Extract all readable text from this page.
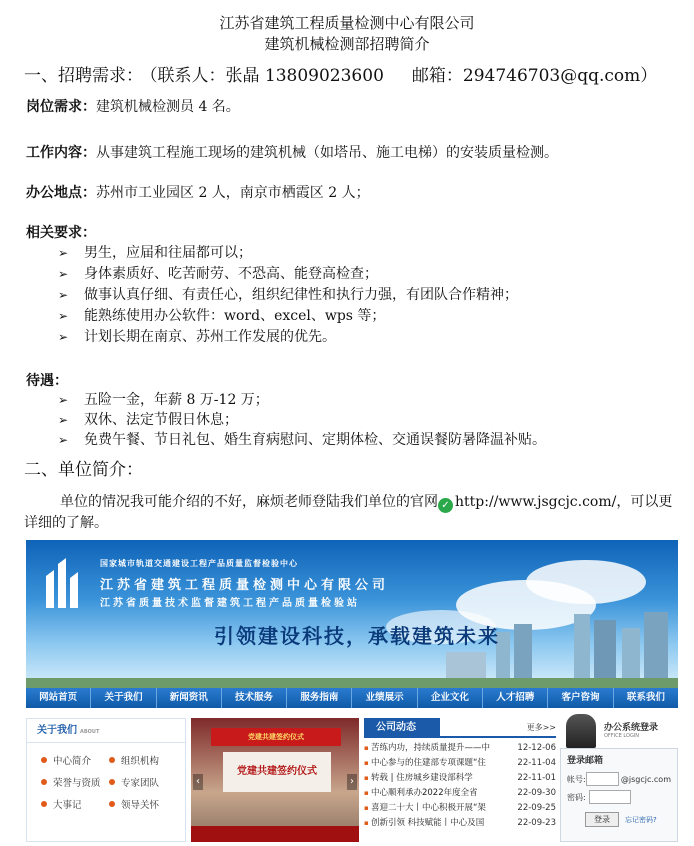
江苏省建筑工程质量检测中心有限公司
建筑机械检测部招聘简介
一、招聘需求： （联系人：张晶 13809023600 邮箱：294746703@qq.com）
岗位需求：建筑机械检测员 4 名。
工作内容：从事建筑工程施工现场的建筑机械（如塔吊、施工电梯）的安装质量检测。
办公地点：苏州市工业园区 2 人，南京市栖霞区 2 人；
相关要求：
➢ 男生，应届和往届都可以；
➢ 身体素质好、吃苦耐劳、不恐高、能登高检查；
➢ 做事认真仔细、有责任心，组织纪律性和执行力强，有团队合作精神；
➢ 能熟练使用办公软件：word、excel、wps 等；
➢ 计划长期在南京、苏州工作发展的优先。
待遇：
➢ 五险一金，年薪 8 万-12 万；
➢ 双休、法定节假日休息；
➢ 免费午餐、节日礼包、婚生育病慰问、定期体检、交通误餐防暑降温补贴。
二、单位简介：
单位的情况我可能介绍的不好，麻烦老师登陆我们单位的官网 ✓ http://www.jsgcjc.com/，可以更详细的了解。
国家城市轨道交通建设工程产品质量监督检验中心
江苏省建筑工程质量检测中心有限公司
江苏省质量技术监督建筑工程产品质量检验站
引领建设科技，承载建筑未来
网站首页	关于我们	新闻资讯	技术服务	服务指南	业绩展示	企业文化	人才招聘	客户咨询	联系我们
关于我们 ABOUT
中心简介	组织机构
荣誉与资质	专家团队
大事记	领导关怀
党建共建签约仪式
党建共建签约仪式
‹	›
公司动态	更多>>
▪ 苦练内功，持续质量提升——中	12-12-06
▪ 中心参与的住建部专项课题“住	22-11-04
▪ 转载 | 住房城乡建设部科学	22-11-01
▪ 中心顺利承办2022年度全省	22-09-30
▪ 喜迎二十大丨中心积极开展“架	22-09-25
▪ 创新引领 科技赋能丨中心及国	22-09-23
办公系统登录
OFFICE LOGIN
登录邮箱
帐号:	@jsgcjc.com
密码:
登录 忘记密码?
